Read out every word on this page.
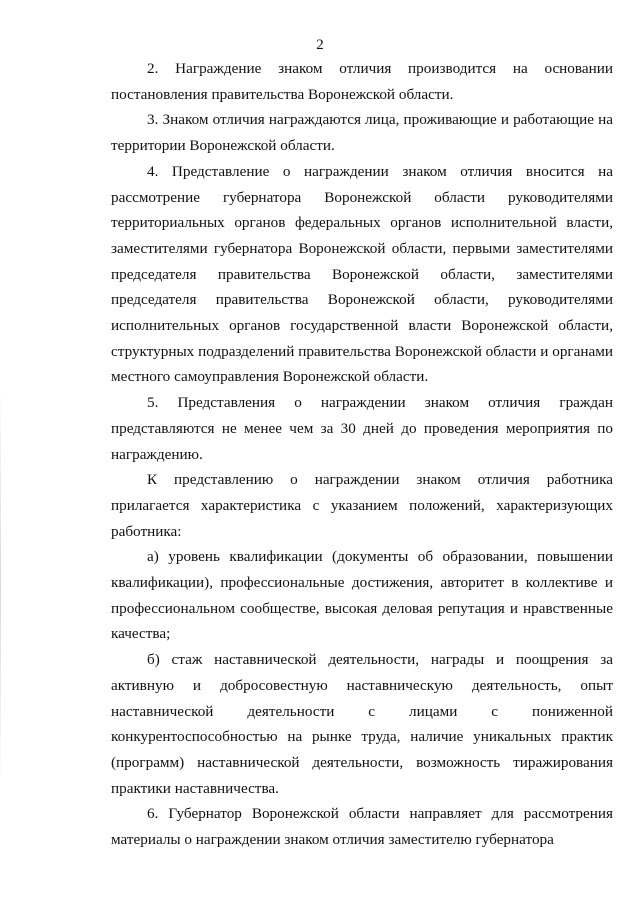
2

2. Награждение знаком отличия производится на основании постановления правительства Воронежской области.

3. Знаком отличия награждаются лица, проживающие и работающие на территории Воронежской области.

4. Представление о награждении знаком отличия вносится на рассмотрение губернатора Воронежской области руководителями территориальных органов федеральных органов исполнительной власти, заместителями губернатора Воронежской области, первыми заместителями председателя правительства Воронежской области, заместителями председателя правительства Воронежской области, руководителями исполнительных органов государственной власти Воронежской области, структурных подразделений правительства Воронежской области и органами местного самоуправления Воронежской области.

5. Представления о награждении знаком отличия граждан представляются не менее чем за 30 дней до проведения мероприятия по награждению.

К представлению о награждении знаком отличия работника прилагается характеристика с указанием положений, характеризующих работника:

а) уровень квалификации (документы об образовании, повышении квалификации), профессиональные достижения, авторитет в коллективе и профессиональном сообществе, высокая деловая репутация и нравственные качества;

б) стаж наставнической деятельности, награды и поощрения за активную и добросовестную наставническую деятельность, опыт наставнической деятельности с лицами с пониженной конкурентоспособностью на рынке труда, наличие уникальных практик (программ) наставнической деятельности, возможность тиражирования практики наставничества.

6. Губернатор Воронежской области направляет для рассмотрения материалы о награждении знаком отличия заместителю губернатора
